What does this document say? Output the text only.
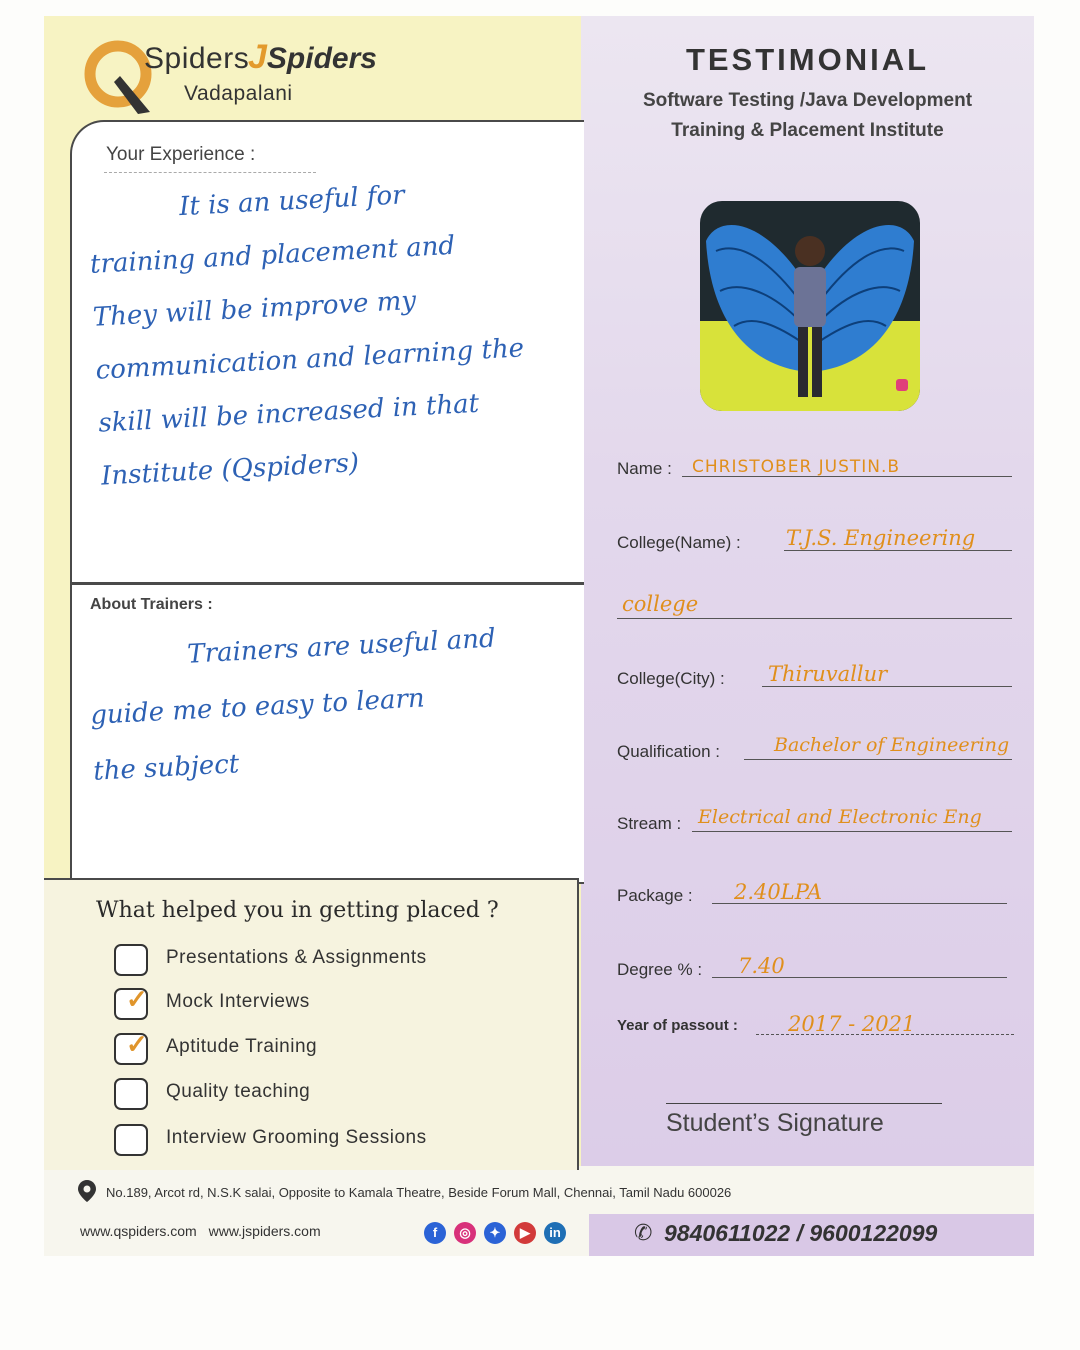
Spiders
JSpiders
Vadapalani
TESTIMONIAL
Software Testing /Java Development
Training & Placement Institute
Your Experience :
It is an useful for
training and placement and
They will be improve my
communication and learning the
skill will be increased in that
Institute (Qspiders)
About Trainers :
Trainers are useful and
guide me to easy to learn
the subject
What helped you in getting placed ?
Presentations & Assignments
✓ Mock Interviews
✓ Aptitude Training
Quality teaching
Interview Grooming Sessions
Name : CHRISTOBER JUSTIN.B
College(Name) : T.J.S. Engineering
college
College(City) : Thiruvallur
Qualification :	Bachelor of Engineering
Stream : Electrical and Electronic Eng
Package : 2.40LPA
Degree % : 7.40
Year of passout : 2017 - 2021
Student’s Signature
No.189, Arcot rd, N.S.K salai, Opposite to Kamala Theatre, Beside Forum Mall, Chennai, Tamil Nadu 600026
www.qspiders.com www.jspiders.com	f	◎	✦	▶	in	✆ 9840611022 / 9600122099
